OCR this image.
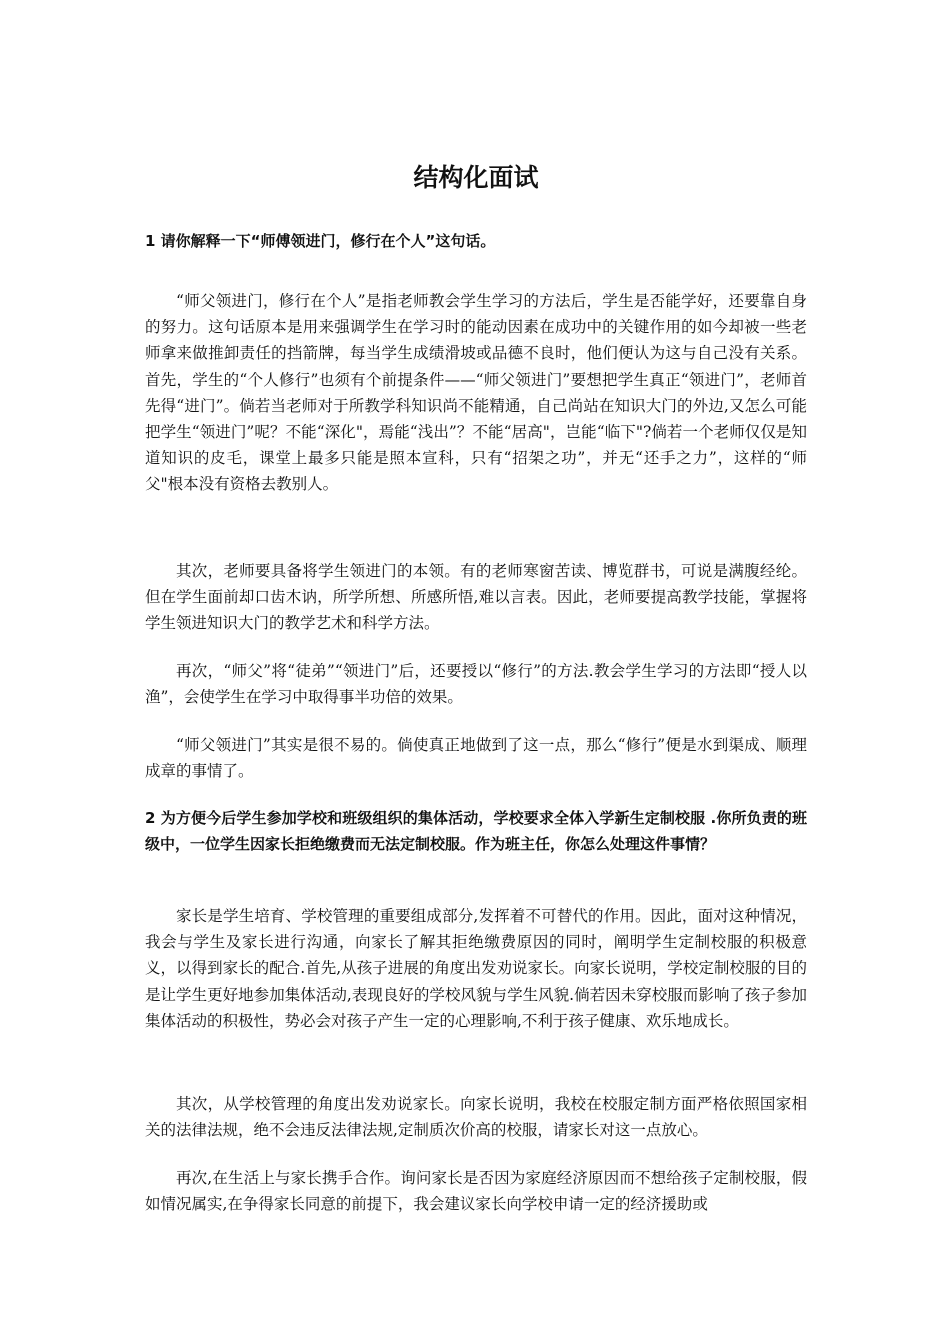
结构化面试

1 请你解释一下“师傅领进门，修行在个人”这句话。

“师父领进门，修行在个人”是指老师教会学生学习的方法后，学生是否能学好，还要靠自身的努力。这句话原本是用来强调学生在学习时的能动因素在成功中的关键作用的如今却被一些老师拿来做推卸责任的挡箭牌，每当学生成绩滑坡或品德不良时，他们便认为这与自己没有关系。首先，学生的“个人修行”也须有个前提条件——“师父领进门”要想把学生真正“领进门”，老师首先得“进门”。倘若当老师对于所教学科知识尚不能精通，自己尚站在知识大门的外边,又怎么可能把学生“领进门”呢？不能“深化"，焉能“浅出”？不能“居高"，岂能“临下"?倘若一个老师仅仅是知道知识的皮毛，课堂上最多只能是照本宣科，只有“招架之功”，并无“还手之力”，这样的“师父"根本没有资格去教别人。

其次，老师要具备将学生领进门的本领。有的老师寒窗苦读、博览群书，可说是满腹经纶。但在学生面前却口齿木讷，所学所想、所感所悟,难以言表。因此，老师要提高教学技能，掌握将学生领进知识大门的教学艺术和科学方法。

再次，“师父”将“徒弟”“领进门”后，还要授以“修行”的方法.教会学生学习的方法即“授人以渔”，会使学生在学习中取得事半功倍的效果。

“师父领进门”其实是很不易的。倘使真正地做到了这一点，那么“修行”便是水到渠成、顺理成章的事情了。

2 为方便今后学生参加学校和班级组织的集体活动，学校要求全体入学新生定制校服 .你所负责的班级中，一位学生因家长拒绝缴费而无法定制校服。作为班主任，你怎么处理这件事情？

家长是学生培育、学校管理的重要组成部分,发挥着不可替代的作用。因此，面对这种情况，我会与学生及家长进行沟通，向家长了解其拒绝缴费原因的同时，阐明学生定制校服的积极意义，以得到家长的配合.首先,从孩子进展的角度出发劝说家长。向家长说明，学校定制校服的目的是让学生更好地参加集体活动,表现良好的学校风貌与学生风貌.倘若因未穿校服而影响了孩子参加集体活动的积极性，势必会对孩子产生一定的心理影响,不利于孩子健康、欢乐地成长。

其次，从学校管理的角度出发劝说家长。向家长说明，我校在校服定制方面严格依照国家相关的法律法规，绝不会违反法律法规,定制质次价高的校服，请家长对这一点放心。

再次,在生活上与家长携手合作。询问家长是否因为家庭经济原因而不想给孩子定制校服，假如情况属实,在争得家长同意的前提下，我会建议家长向学校申请一定的经济援助或
